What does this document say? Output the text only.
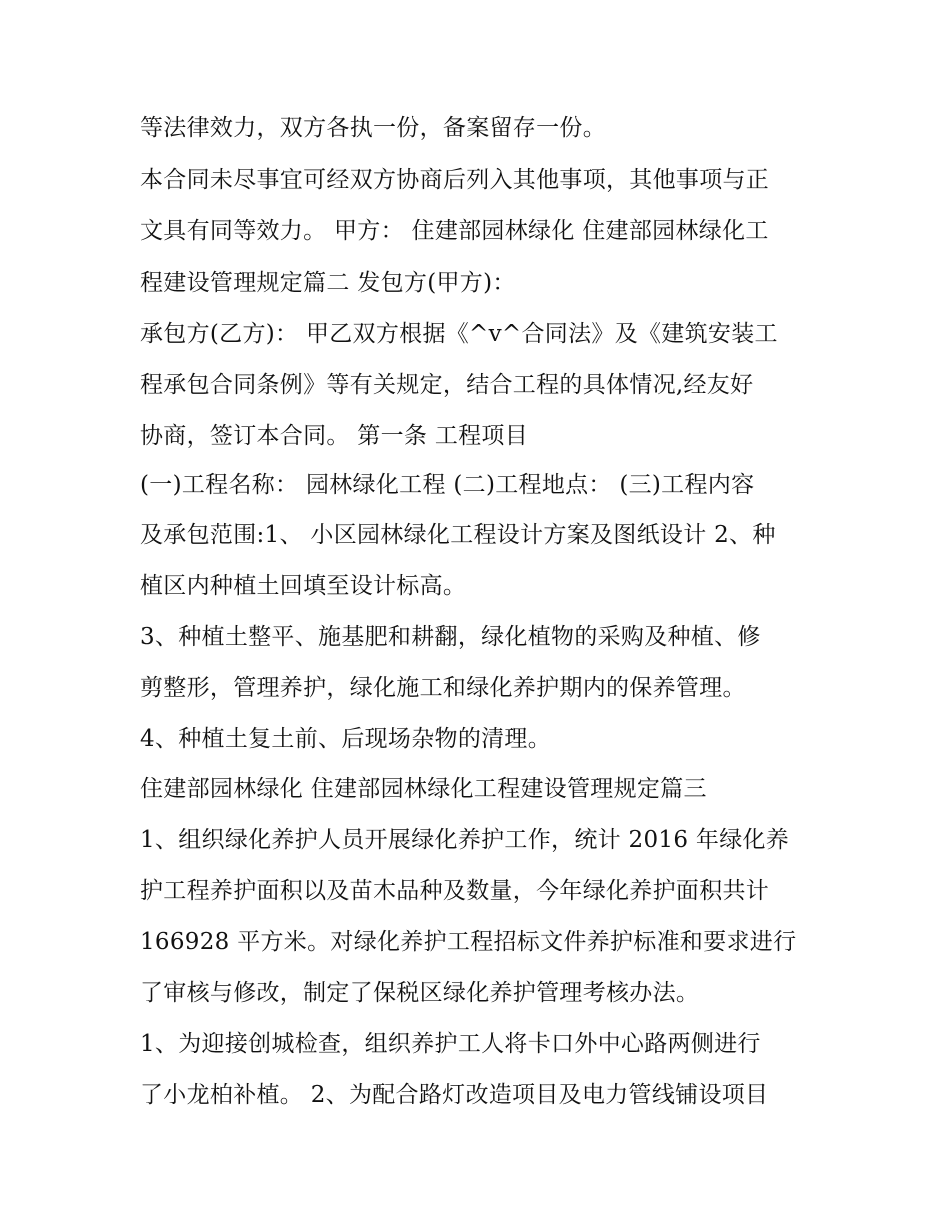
等法律效力，双方各执一份，备案留存一份。
本合同未尽事宜可经双方协商后列入其他事项，其他事项与正
文具有同等效力。 甲方： 住建部园林绿化 住建部园林绿化工
程建设管理规定篇二 发包方(甲方)：
承包方(乙方)： 甲乙双方根据《^v^合同法》及《建筑安装工
程承包合同条例》等有关规定，结合工程的具体情况,经友好
协商，签订本合同。 第一条 工程项目
(一)工程名称： 园林绿化工程 (二)工程地点： (三)工程内容
及承包范围:1、 小区园林绿化工程设计方案及图纸设计 2、种
植区内种植土回填至设计标高。
3、种植土整平、施基肥和耕翻，绿化植物的采购及种植、修
剪整形，管理养护，绿化施工和绿化养护期内的保养管理。
4、种植土复土前、后现场杂物的清理。
住建部园林绿化 住建部园林绿化工程建设管理规定篇三
1、组织绿化养护人员开展绿化养护工作，统计 2016 年绿化养
护工程养护面积以及苗木品种及数量，今年绿化养护面积共计
166928 平方米。对绿化养护工程招标文件养护标准和要求进行
了审核与修改，制定了保税区绿化养护管理考核办法。
1、为迎接创城检查，组织养护工人将卡口外中心路两侧进行
了小龙柏补植。 2、为配合路灯改造项目及电力管线铺设项目
